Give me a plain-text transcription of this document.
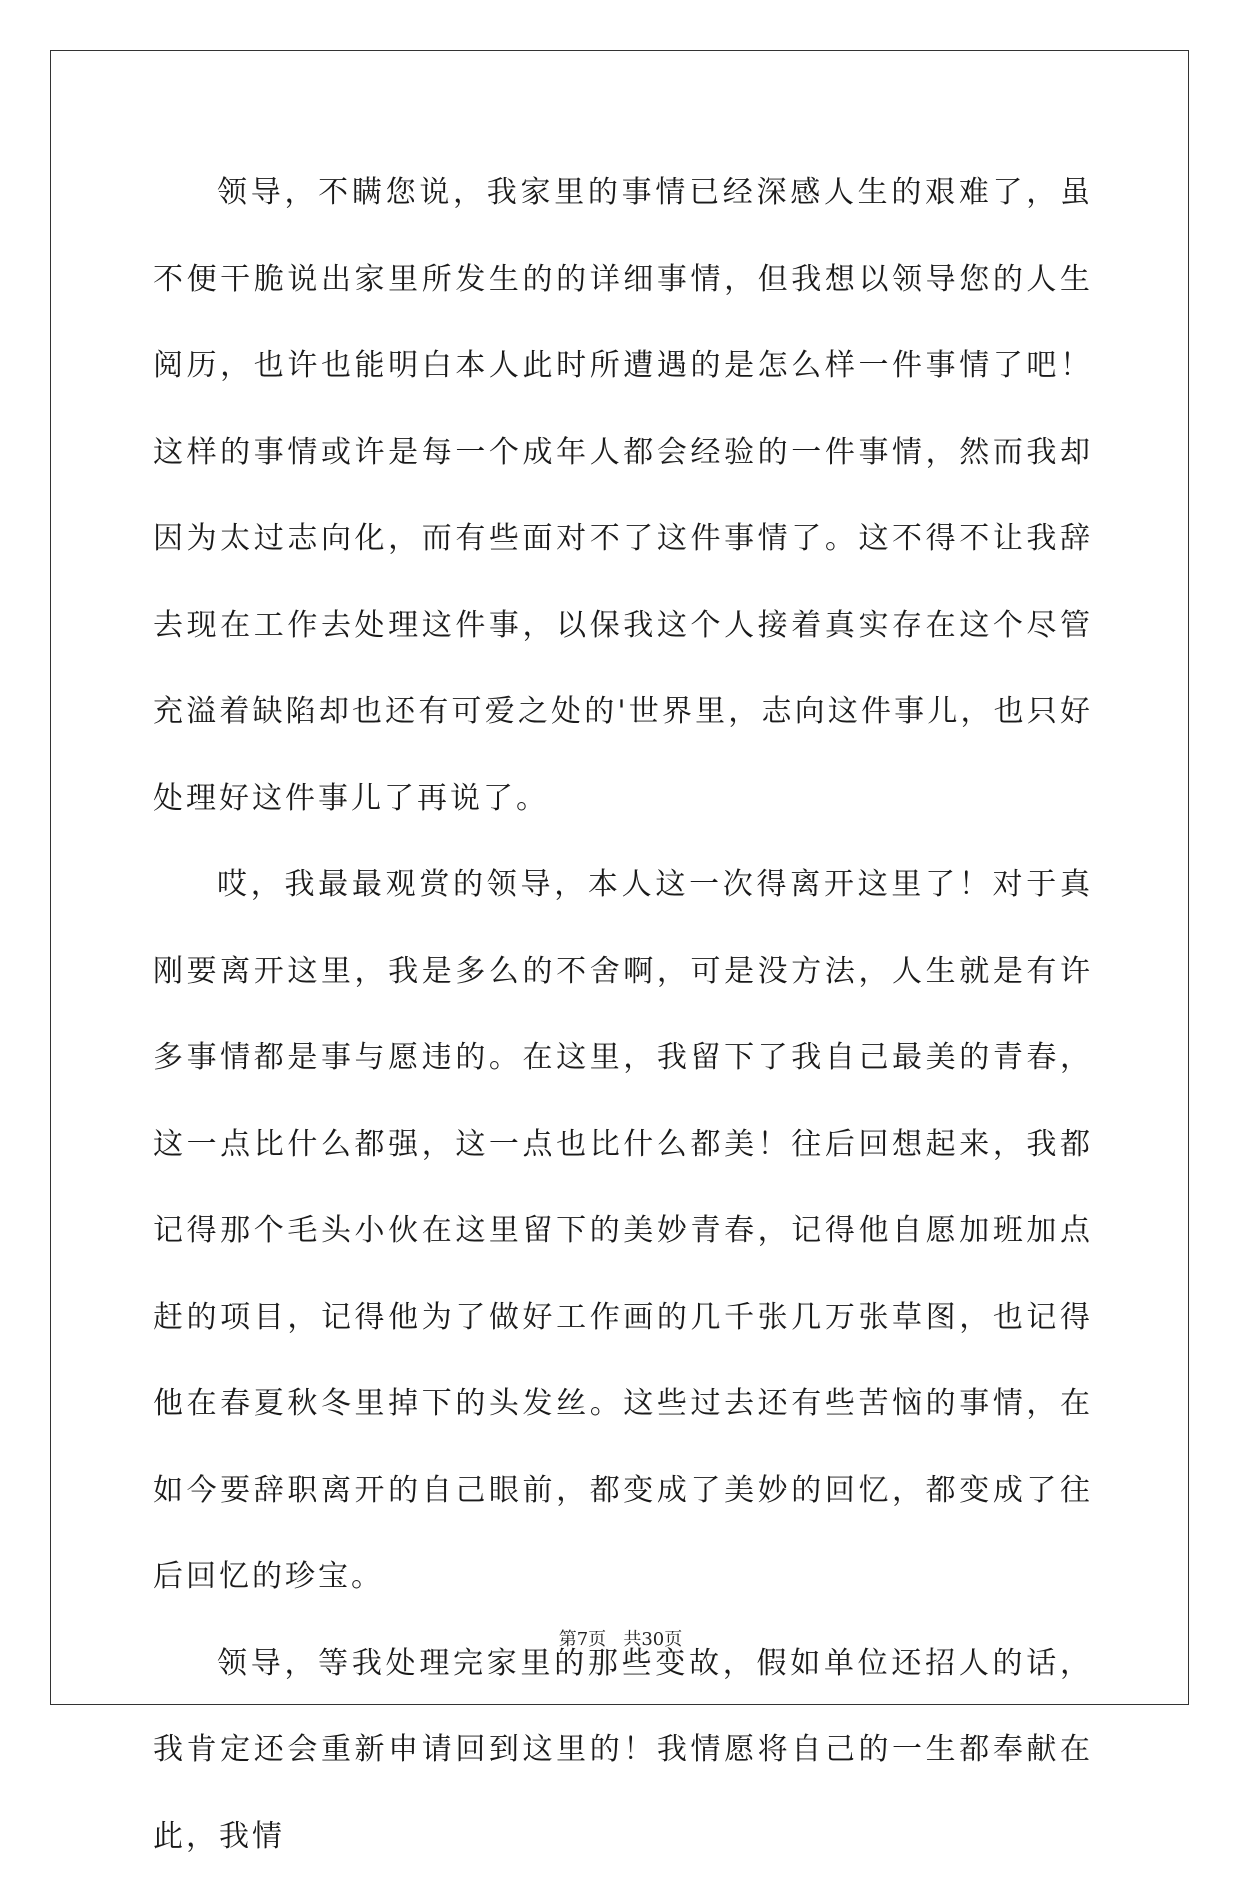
领导，不瞒您说，我家里的事情已经深感人生的艰难了，虽不便干脆说出家里所发生的的详细事情，但我想以领导您的人生阅历，也许也能明白本人此时所遭遇的是怎么样一件事情了吧！这样的事情或许是每一个成年人都会经验的一件事情，然而我却因为太过志向化，而有些面对不了这件事情了。这不得不让我辞去现在工作去处理这件事，以保我这个人接着真实存在这个尽管充溢着缺陷却也还有可爱之处的'世界里，志向这件事儿，也只好处理好这件事儿了再说了。

哎，我最最观赏的领导，本人这一次得离开这里了！对于真刚要离开这里，我是多么的不舍啊，可是没方法，人生就是有许多事情都是事与愿违的。在这里，我留下了我自己最美的青春，这一点比什么都强，这一点也比什么都美！往后回想起来，我都记得那个毛头小伙在这里留下的美妙青春，记得他自愿加班加点赶的项目，记得他为了做好工作画的几千张几万张草图，也记得他在春夏秋冬里掉下的头发丝。这些过去还有些苦恼的事情，在如今要辞职离开的自己眼前，都变成了美妙的回忆，都变成了往后回忆的珍宝。

领导，等我处理完家里的那些变故，假如单位还招人的话，我肯定还会重新申请回到这里的！我情愿将自己的一生都奉献在此，我情

第7页   共30页
